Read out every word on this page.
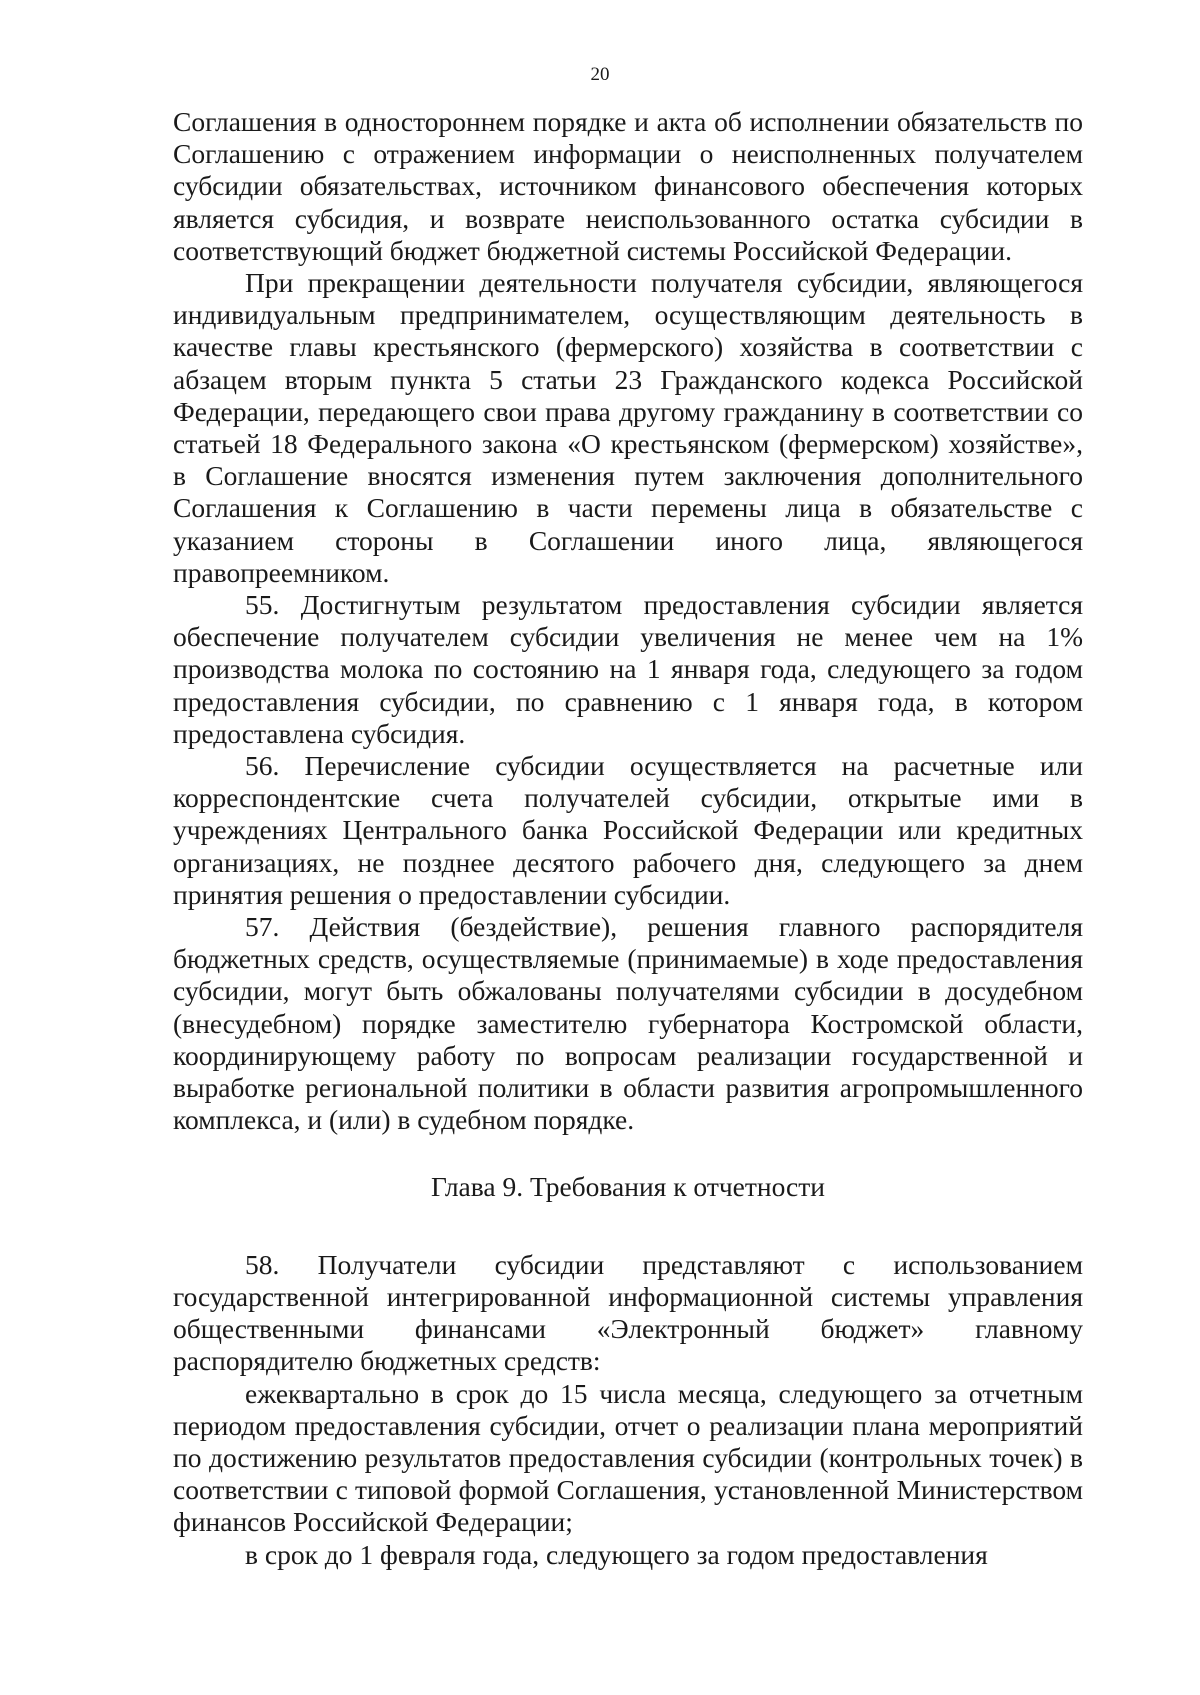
20

Соглашения в одностороннем порядке и акта об исполнении обязательств по Соглашению с отражением информации о неисполненных получателем субсидии обязательствах, источником финансового обеспечения которых является субсидия, и возврате неиспользованного остатка субсидии в соответствующий бюджет бюджетной системы Российской Федерации.

При прекращении деятельности получателя субсидии, являющегося индивидуальным предпринимателем, осуществляющим деятельность в качестве главы крестьянского (фермерского) хозяйства в соответствии с абзацем вторым пункта 5 статьи 23 Гражданского кодекса Российской Федерации, передающего свои права другому гражданину в соответствии со статьей 18 Федерального закона «О крестьянском (фермерском) хозяйстве», в Соглашение вносятся изменения путем заключения дополнительного Соглашения к Соглашению в части перемены лица в обязательстве с указанием стороны в Соглашении иного лица, являющегося правопреемником.

55. Достигнутым результатом предоставления субсидии является обеспечение получателем субсидии увеличения не менее чем на 1% производства молока по состоянию на 1 января года, следующего за годом предоставления субсидии, по сравнению с 1 января года, в котором предоставлена субсидия.

56. Перечисление субсидии осуществляется на расчетные или корреспондентские счета получателей субсидии, открытые ими в учреждениях Центрального банка Российской Федерации или кредитных организациях, не позднее десятого рабочего дня, следующего за днем принятия решения о предоставлении субсидии.

57. Действия (бездействие), решения главного распорядителя бюджетных средств, осуществляемые (принимаемые) в ходе предоставления субсидии, могут быть обжалованы получателями субсидии в досудебном (внесудебном) порядке заместителю губернатора Костромской области, координирующему работу по вопросам реализации государственной и выработке региональной политики в области развития агропромышленного комплекса, и (или) в судебном порядке.

Глава 9. Требования к отчетности

58. Получатели субсидии представляют с использованием государственной интегрированной информационной системы управления общественными финансами «Электронный бюджет» главному распорядителю бюджетных средств:

ежеквартально в срок до 15 числа месяца, следующего за отчетным периодом предоставления субсидии, отчет о реализации плана мероприятий по достижению результатов предоставления субсидии (контрольных точек) в соответствии с типовой формой Соглашения, установленной Министерством финансов Российской Федерации;

в срок до 1 февраля года, следующего за годом предоставления
